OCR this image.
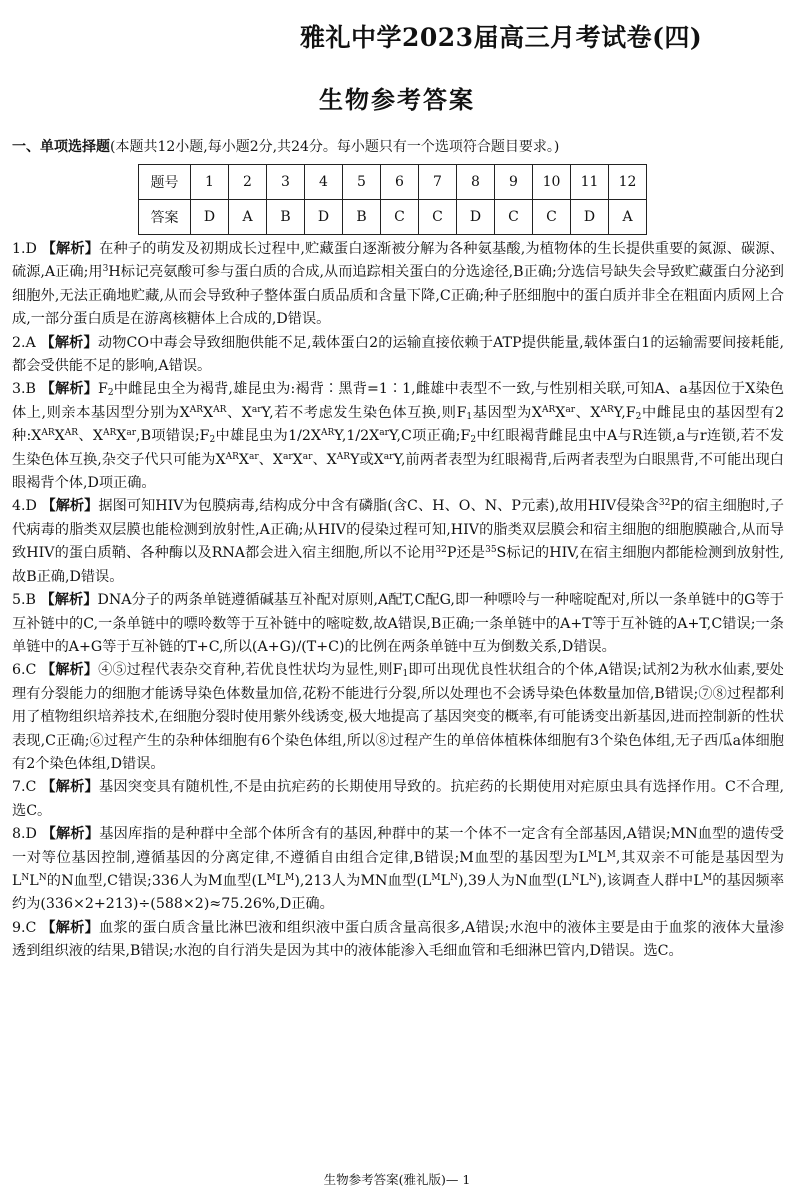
雅礼中学2023届高三月考试卷(四)
生物参考答案
一、单项选择题(本题共12小题,每小题2分,共24分。每小题只有一个选项符合题目要求。)
题号	1	2	3	4	5	6	7	8	9	10	11	12
答案	D	A	B	D	B	C	C	D	C	C	D	A

1.D 【解析】在种子的萌发及初期成长过程中,贮藏蛋白逐渐被分解为各种氨基酸,为植物体的生长提供重要的氮源、碳源、硫源,A正确;用$^3$H标记亮氨酸可参与蛋白质的合成,从而追踪相关蛋白的分选途径,B正确;分选信号缺失会导致贮藏蛋白分泌到细胞外,无法正确地贮藏,从而会导致种子整体蛋白质品质和含量下降,C正确;种子胚细胞中的蛋白质并非全在粗面内质网上合成,一部分蛋白质是在游离核糖体上合成的,D错误。

2.A 【解析】动物CO中毒会导致细胞供能不足,载体蛋白2的运输直接依赖于ATP提供能量,载体蛋白1的运输需要间接耗能,都会受供能不足的影响,A错误。

3.B 【解析】$F_2$中雌昆虫全为褐背,雄昆虫为:褐背∶黑背=1∶1,雌雄中表型不一致,与性别相关联,可知A、a基因位于X染色体上,则亲本基因型分别为$X^{AR}X^{AR}$、$X^{ar}Y$,若不考虑发生染色体互换,则$F_1$基因型为$X^{AR}X^{ar}$、$X^{AR}Y,F_2$中雌昆虫的基因型有2种$:X^{AR}X^{AR}$、$X^{AR}X^{ar},B$项错误$;F_2$中雄昆虫为$1/2X^{AR}Y,1/2X^{ar}Y,C$项正确$;F_2$中红眼褐背雌昆虫中A与R连锁,a与r连锁,若不发生染色体互换,杂交子代只可能为$X^{AR}X^{ar}$、$X^{ar}X^{ar}$、$X^{AR}Y$或$X^{ar}Y$,前两者表型为红眼褐背,后两者表型为白眼黑背,不可能出现白眼褐背个体,D项正确。

4.D 【解析】据图可知HIV为包膜病毒,结构成分中含有磷脂(含C、H、O、N、P元素),故用HIV侵染含$^{32}$P的宿主细胞时,子代病毒的脂类双层膜也能检测到放射性,A正确;从HIV的侵染过程可知,HIV的脂类双层膜会和宿主细胞的细胞膜融合,从而导致HIV的蛋白质鞘、各种酶以及RNA都会进入宿主细胞,所以不论用$^{32}$P还是$^{35}$S标记的HIV,在宿主细胞内都能检测到放射性,故B正确,D错误。

5.B 【解析】DNA分子的两条单链遵循碱基互补配对原则,A配T,C配G,即一种嘌呤与一种嘧啶配对,所以一条单链中的G等于互补链中的C,一条单链中的嘌呤数等于互补链中的嘧啶数,故A错误,B正确;一条单链中的A+T等于互补链的A+T,C错误;一条单链中的A+G等于互补链的T+C,所以(A+G)/(T+C)的比例在两条单链中互为倒数关系,D错误。

6.C 【解析】④⑤过程代表杂交育种,若优良性状均为显性,则$F_1$即可出现优良性状组合的个体,A错误;试剂2为秋水仙素,要处理有分裂能力的细胞才能诱导染色体数量加倍,花粉不能进行分裂,所以处理也不会诱导染色体数量加倍,B错误;⑦⑧过程都利用了植物组织培养技术,在细胞分裂时使用紫外线诱变,极大地提高了基因突变的概率,有可能诱变出新基因,进而控制新的性状表现,C正确;⑥过程产生的杂种体细胞有6个染色体组,所以⑧过程产生的单倍体植株体细胞有3个染色体组,无子西瓜a体细胞有2个染色体组,D错误。

7.C 【解析】基因突变具有随机性,不是由抗疟药的长期使用导致的。抗疟药的长期使用对疟原虫具有选择作用。C不合理,选C。

8.D 【解析】基因库指的是种群中全部个体所含有的基因,种群中的某一个体不一定含有全部基因,A错误;MN血型的遗传受一对等位基因控制,遵循基因的分离定律,不遵循自由组合定律,B错误;M血型的基因型为$L^ML^M$,其双亲不可能是基因型为$L^NL^N$的N血型,C错误;336人为M血型$(L^ML^M),213$人为MN血型$(L^ML^N),39$人为N血型$(L^NL^N)$,该调查人群中$L^M$的基因频率约为(336×2+213)÷(588×2)≈75.26%,D正确。

9.C 【解析】血浆的蛋白质含量比淋巴液和组织液中蛋白质含量高很多,A错误;水泡中的液体主要是由于血浆的液体大量渗透到组织液的结果,B错误;水泡的自行消失是因为其中的液体能渗入毛细血管和毛细淋巴管内,D错误。选C。

生物参考答案(雅礼版)— 1
